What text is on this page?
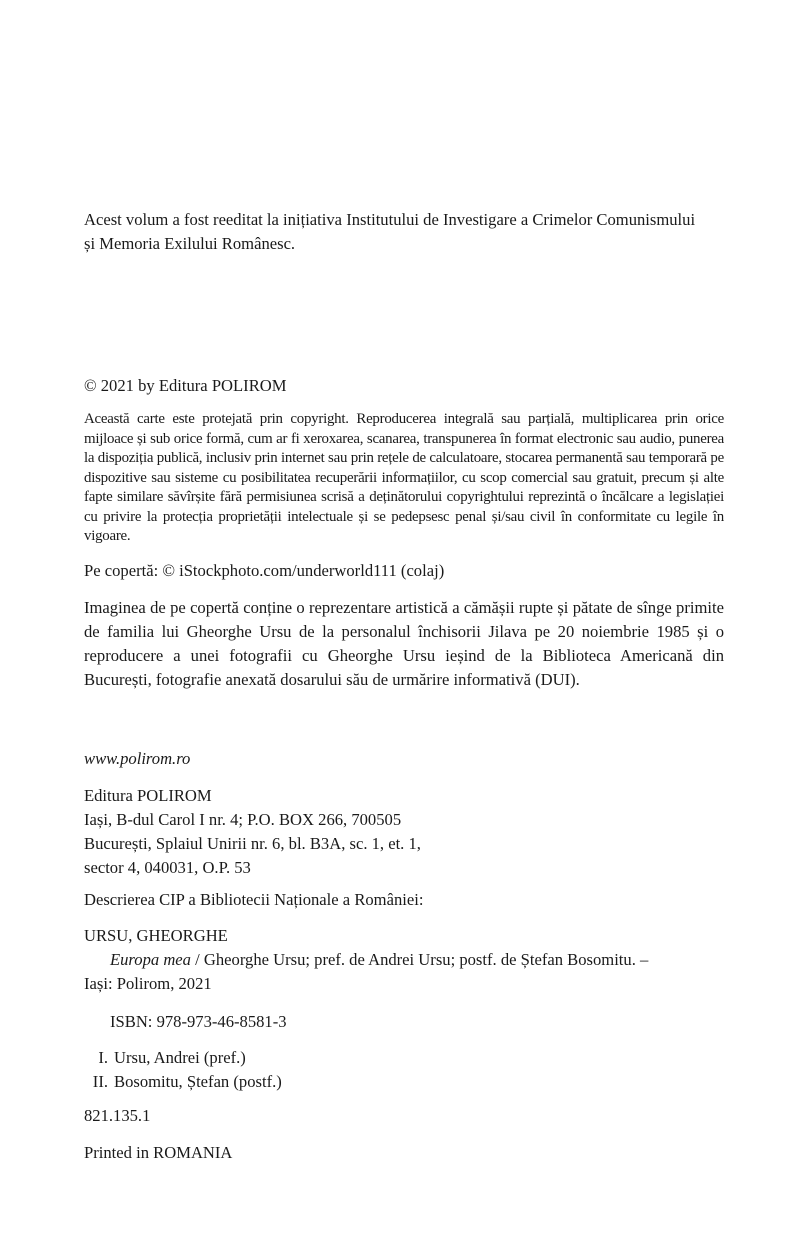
Acest volum a fost reeditat la inițiativa Institutului de Investigare a Crimelor Comunismului
și Memoria Exilului Românesc.

© 2021 by Editura POLIROM

Această carte este protejată prin copyright. Reproducerea integrală sau parțială, multiplicarea prin orice mijloace și sub orice formă, cum ar fi xeroxarea, scanarea, transpunerea în format electronic sau audio, punerea la dispoziția publică, inclusiv prin internet sau prin rețele de calculatoare, stocarea permanentă sau temporară pe dispozitive sau sisteme cu posibilitatea recuperării informațiilor, cu scop comercial sau gratuit, precum și alte fapte similare săvîrșite fără permisiunea scrisă a deținătorului copyrightului reprezintă o încălcare a legislației cu privire la protecția proprietății intelectuale și se pedepsesc penal și/sau civil în conformitate cu legile în vigoare.

Pe copertă: © iStockphoto.com/underworld111 (colaj)

Imaginea de pe copertă conține o reprezentare artistică a cămășii rupte și pătate de sînge primite de familia lui Gheorghe Ursu de la personalul închisorii Jilava pe 20 noiembrie 1985 și o reproducere a unei fotografii cu Gheorghe Ursu ieșind de la Biblioteca Americană din București, fotografie anexată dosarului său de urmărire informativă (DUI).

www.polirom.ro

Editura POLIROM
Iași, B-dul Carol I nr. 4; P.O. BOX 266, 700505
București, Splaiul Unirii nr. 6, bl. B3A, sc. 1, et. 1,
sector 4, 040031, O.P. 53

Descrierea CIP a Bibliotecii Naționale a României:

URSU, GHEORGHE

Europa mea / Gheorghe Ursu; pref. de Andrei Ursu; postf. de Ștefan Bosomitu. –
Iași: Polirom, 2021

ISBN: 978-973-46-8581-3

I. Ursu, Andrei (pref.)
II. Bosomitu, Ștefan (postf.)

821.135.1

Printed in ROMANIA
